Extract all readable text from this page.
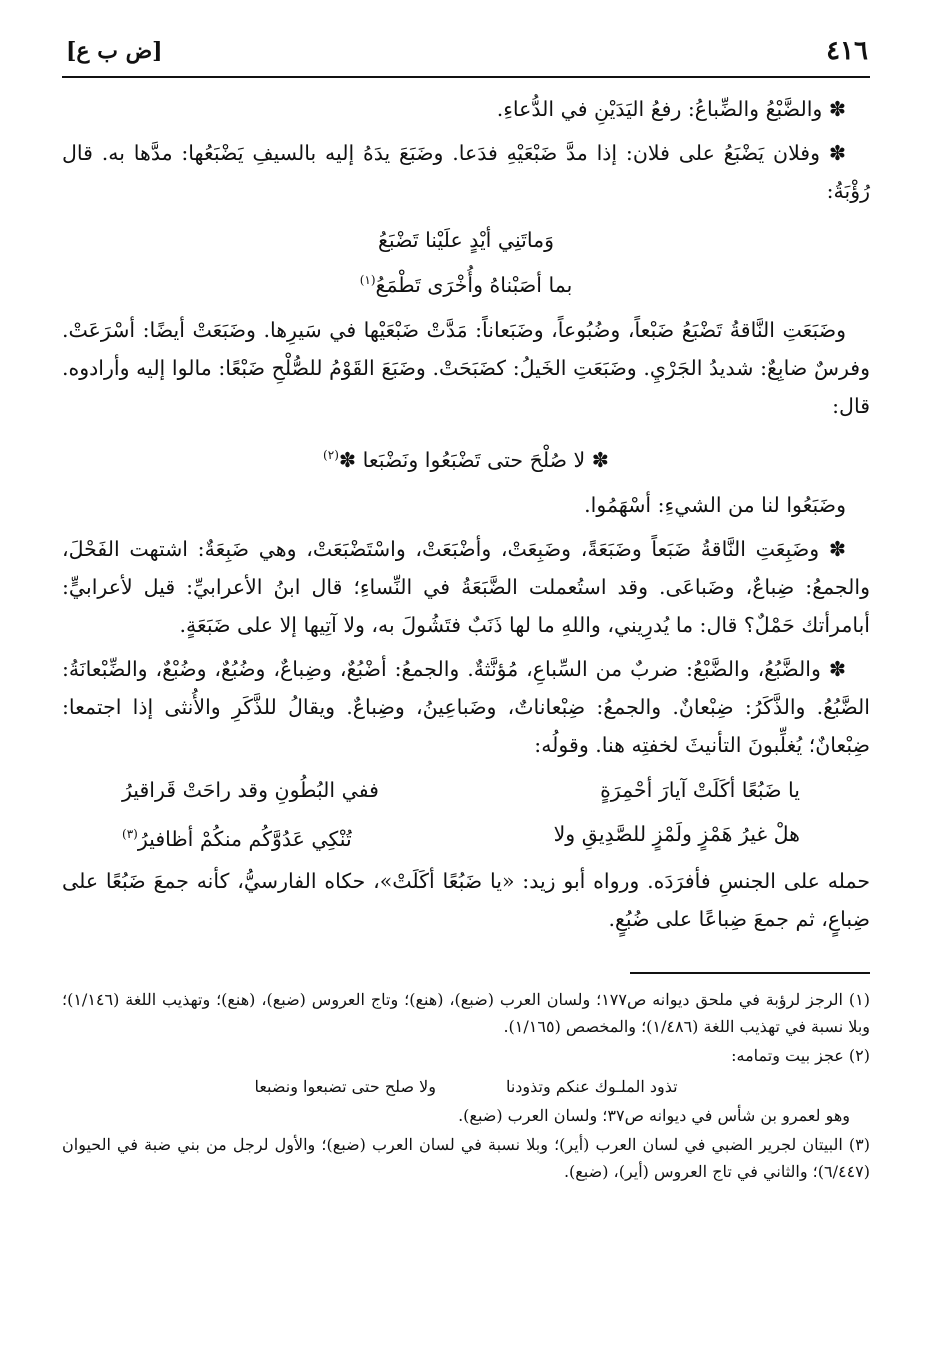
٤١٦
[ض ب ع]

✽ والضَّبْعُ والضِّباعُ: رفعُ اليَدَيْنِ في الدُّعاءِ.

✽ وفلان يَضْبَعُ على فلان: إذا مدَّ ضَبْعَيْهِ فدَعا. وضَبَعَ يدَهُ إليه بالسيفِ يَضْبَعُها: مدَّها به. قال رُؤْبَةُ:

وَماتَنِي أيْدٍ علَيْنا تَضْبَعُ
بما أصَبْناهُ وأُخْرَى تَطْمَعُ$^{(١)}$

وضَبَعَتِ النَّاقةُ تَضْبَعُ ضَبْعاً، وضُبُوعاً، وضَبَعاناً: مَدَّتْ ضَبْعَيْها في سَيرِها. وضَبَعَتْ أيضًا: أسْرَعَتْ. وفرسٌ ضابِعٌ: شديدُ الجَرْيِ. وضَبَعَتِ الخَيلُ: كضَبَحَتْ. وضَبَعَ القَوْمُ للصُّلْحِ ضَبْعًا: مالوا إليه وأرادوه. قال:

✽ لا صُلْحَ حتى تَضْبَعُوا ونَضْبَعا ✽$^{(٢)}$

وضَبَعُوا لنا من الشيءِ: أسْهَمُوا.

✽ وضَبِعَتِ النَّاقةُ ضَبَعاً وضَبَعَةً، وضَبِعَتْ، وأضْبَعَتْ، واسْتَضْبَعَتْ، وهي ضَبِعَةٌ: اشتهت الفَحْلَ، والجمعُ: ضِباعٌ، وضَباعَى. وقد استُعملت الضَّبَعَةُ في النِّساءِ؛ قال ابنُ الأعرابيِّ: قيل لأعرابيٍّ: أبامرأتك حَمْلٌ؟ قال: ما يُدرِيني، واللهِ ما لها ذَنَبٌ فتَشُولَ به، ولا آتِيها إلا على ضَبَعَةٍ.

✽ والضَّبُعُ، والضَّبْعُ: ضربٌ من السِّباعِ، مُؤنَّثةٌ. والجمعُ: أضْبُعٌ، وضِباعٌ، وضُبُعٌ، وضُبْعٌ، والضِّبْعانَةُ: الضَّبُعُ. والذَّكَرُ: ضِبْعانٌ. والجمعُ: ضِبْعاناتٌ، وضَباعِينُ، وضِباعٌ. ويقالُ للذَّكَرِ والأُنثى إذا اجتمعا: ضِبْعانٌ؛ يُغلِّبونَ التأنيثَ لخفتِه هنا. وقولُه:

يا ضَبُعًا أكَلَتْ آيارَ أحْمِرَةٍ
ففي البُطُونِ وقد راحَتْ قَراقيرُ
هلْ غيرُ هَمْزٍ ولَمْزٍ للصَّدِيقِ ولا
تُنْكِي عَدُوَّكُم منكُمْ أظافيرُ$^{(٣)}$

حمله على الجنسِ فأفرَدَه. ورواه أبو زيد: «يا ضَبُعًا أكَلَتْ»، حكاه الفارسيُّ، كأنه جمعَ ضَبُعًا على ضِباعٍ، ثم جمعَ ضِباعًا على ضُبُعٍ.

(١) الرجز لرؤبة في ملحق ديوانه ص١٧٧؛ ولسان العرب (ضبع)، (هنع)؛ وتاج العروس (ضبع)، (هنع)؛ وتهذيب اللغة (١/١٤٦)؛ وبلا نسبة في تهذيب اللغة (١/٤٨٦)؛ والمخصص (١/١٦٥).

(٢) عجز بيت وتمامه:

تذود الملـوك عنكم وتذودنا
ولا صلح حتى تضبعوا ونضبعا

وهو لعمرو بن شأس في ديوانه ص٣٧؛ ولسان العرب (ضبع).

(٣) البيتان لجرير الضبي في لسان العرب (أير)؛ وبلا نسبة في لسان العرب (ضبع)؛ والأول لرجل من بني ضبة في الحيوان (٦/٤٤٧)؛ والثاني في تاج العروس (أير)، (ضبع).
